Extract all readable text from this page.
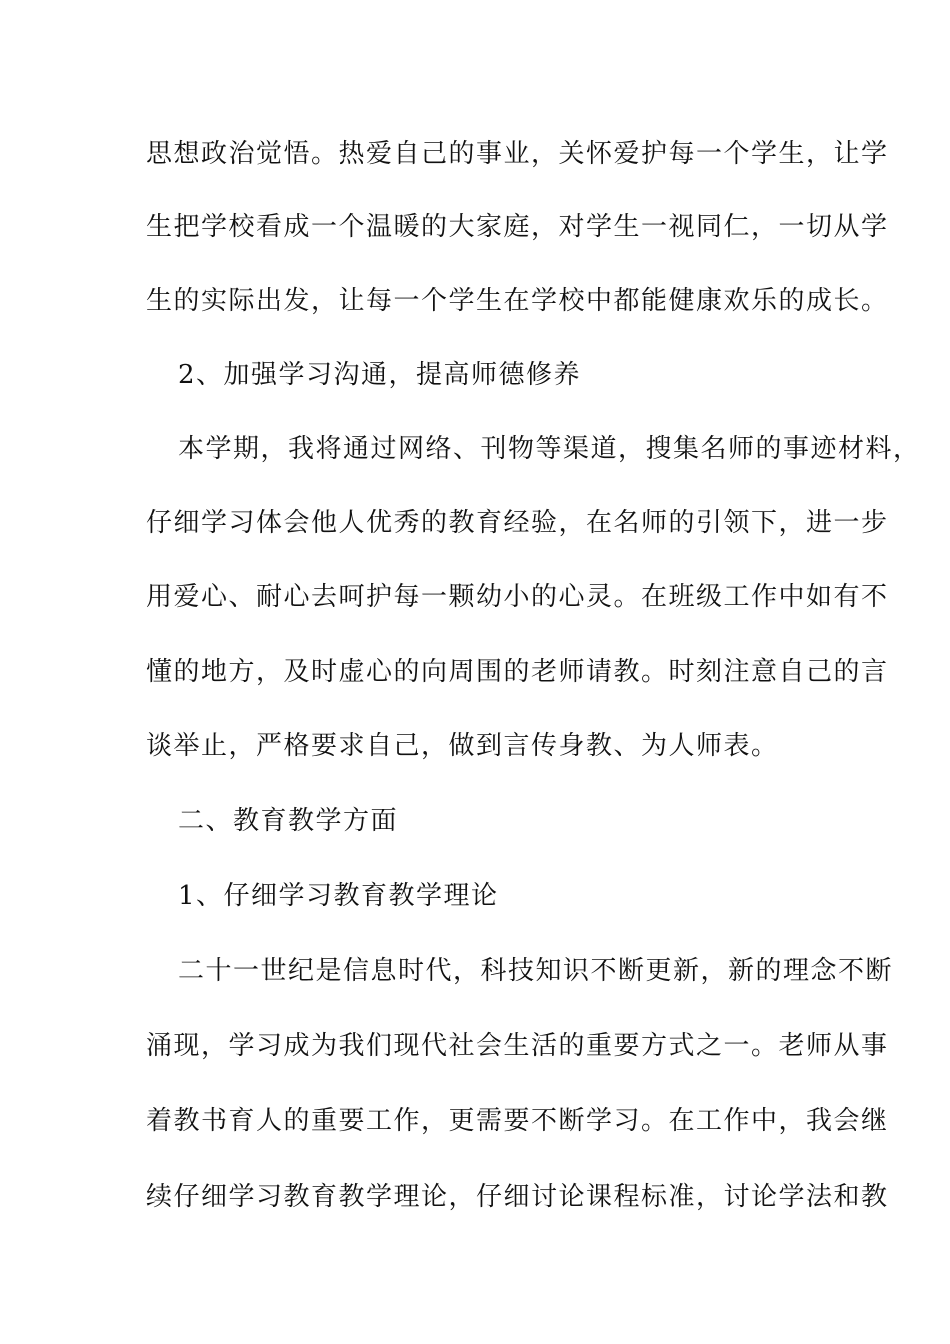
思想政治觉悟。热爱自己的事业，关怀爱护每一个学生，让学
生把学校看成一个温暖的大家庭，对学生一视同仁，一切从学
生的实际出发，让每一个学生在学校中都能健康欢乐的成长。
2、加强学习沟通，提高师德修养
本学期，我将通过网络、刊物等渠道，搜集名师的事迹材料，
仔细学习体会他人优秀的教育经验，在名师的引领下，进一步
用爱心、耐心去呵护每一颗幼小的心灵。在班级工作中如有不
懂的地方，及时虚心的向周围的老师请教。时刻注意自己的言
谈举止，严格要求自己，做到言传身教、为人师表。
二、教育教学方面
1、仔细学习教育教学理论
二十一世纪是信息时代，科技知识不断更新，新的理念不断
涌现，学习成为我们现代社会生活的重要方式之一。老师从事
着教书育人的重要工作，更需要不断学习。在工作中，我会继
续仔细学习教育教学理论，仔细讨论课程标准，讨论学法和教
